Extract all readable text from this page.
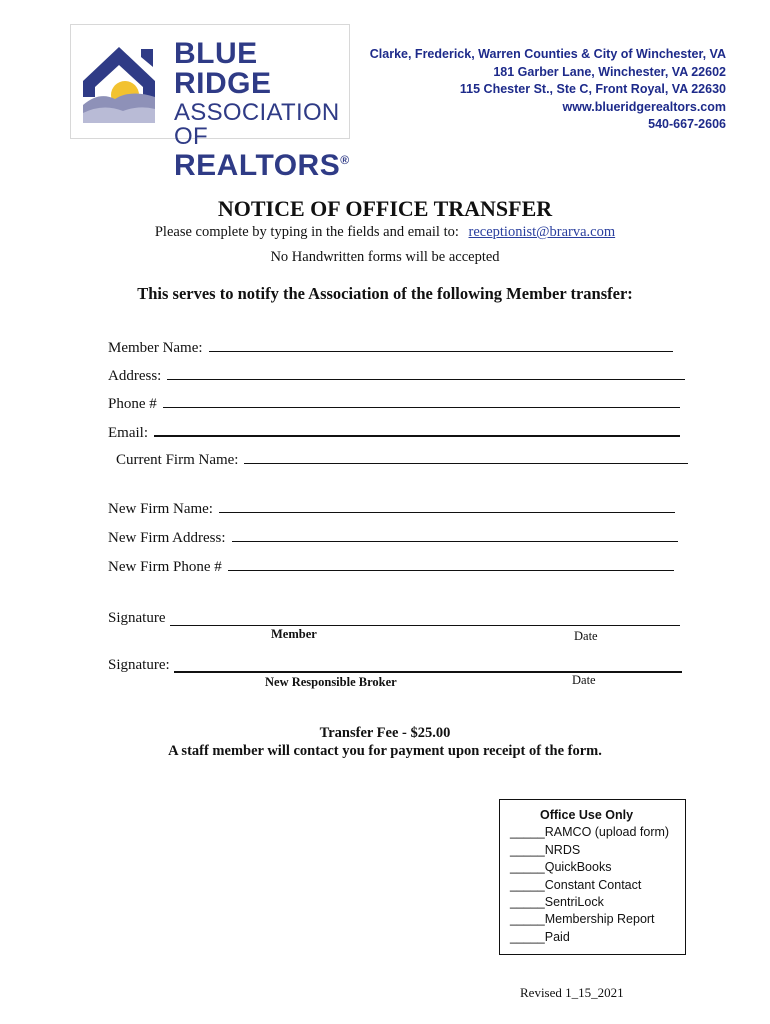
BLUE RIDGE
ASSOCIATION OF
REALTORS®
Clarke, Frederick, Warren Counties & City of Winchester, VA
181 Garber Lane, Winchester, VA 22602
115 Chester St., Ste C, Front Royal, VA 22630
www.blueridgerealtors.com
540-667-2606
NOTICE OF OFFICE TRANSFER
Please complete by typing in the fields and email to: receptionist@brarva.com
No Handwritten forms will be accepted
This serves to notify the Association of the following Member transfer:
Member Name:
Address:
Phone #
Email:
Current Firm Name:
New Firm Name:
New Firm Address:
New Firm Phone #
Signature
Member	Date
Signature:
New Responsible Broker	Date
Transfer Fee - $25.00
A staff member will contact you for payment upon receipt of the form.
Office Use Only
_____RAMCO (upload form)
_____NRDS
_____QuickBooks
_____Constant Contact
_____SentriLock
_____Membership Report
_____Paid
Revised 1_15_2021
